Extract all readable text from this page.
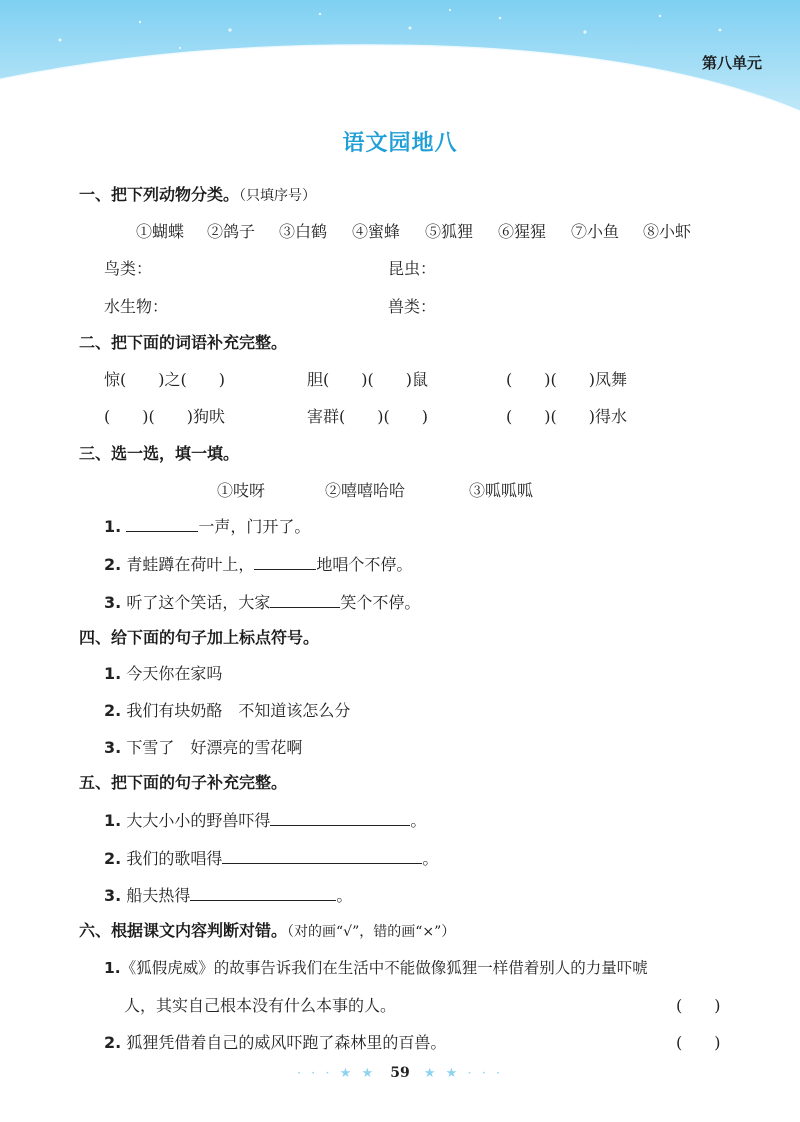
第八单元
语文园地八
一、把下列动物分类。（只填序号）
①蝴蝶 ②鸽子 ③白鹤 ④蜜蜂 ⑤狐狸 ⑥猩猩 ⑦小鱼 ⑧小虾
鸟类：	昆虫：
水生物：	兽类：
二、把下面的词语补充完整。
惊(　　)之(　　)	胆(　　)(　　)鼠	(　　)(　　)凤舞
(　　)(　　)狗吠	害群(　　)(　　)	(　　)(　　)得水
三、选一选，填一填。
①吱呀	②嘻嘻哈哈	③呱呱呱
1.	一声，门开了。
2. 青蛙蹲在荷叶上，	地唱个不停。
3. 听了这个笑话，大家	笑个不停。
四、给下面的句子加上标点符号。
1. 今天你在家吗
2. 我们有块奶酪　不知道该怎么分
3. 下雪了　好漂亮的雪花啊
五、把下面的句子补充完整。
1. 大大小小的野兽吓得	。
2. 我们的歌唱得	。
3. 船夫热得	。
六、根据课文内容判断对错。（对的画“√”，错的画“×”）
1.《狐假虎威》的故事告诉我们在生活中不能做像狐狸一样借着别人的力量吓唬
人，其实自己根本没有什么本事的人。	(　　)
2. 狐狸凭借着自己的威风吓跑了森林里的百兽。	(　　)
· · · ★ ★ 59 ★ ★ · · ·
